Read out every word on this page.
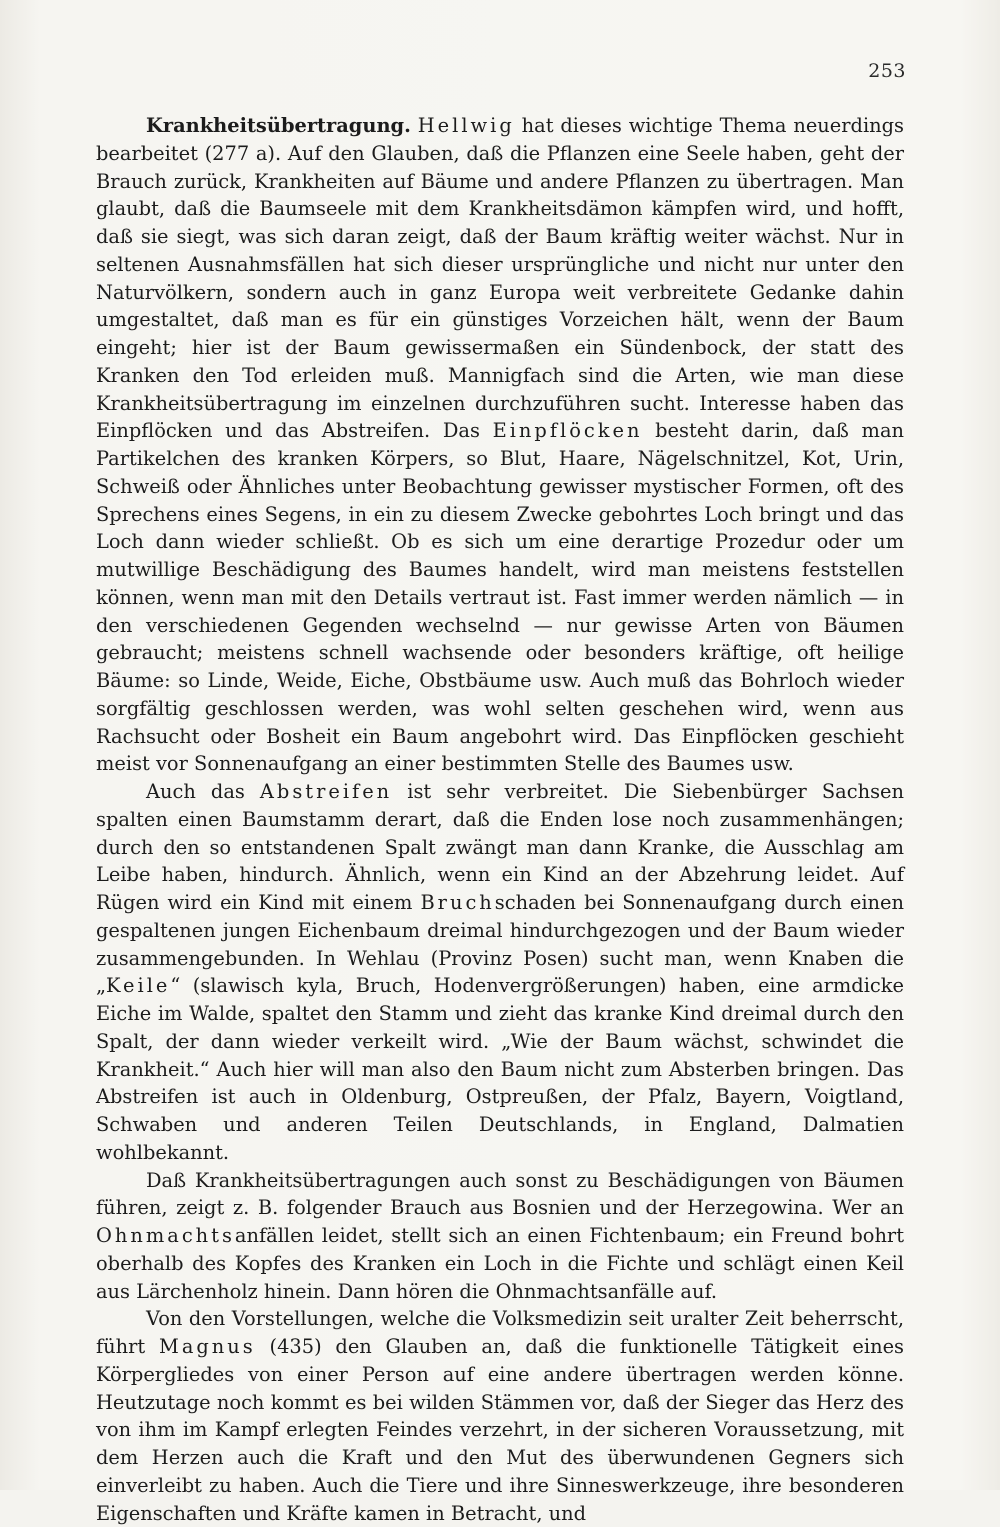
253

Krankheitsübertragung. Hellwig hat dieses wichtige Thema neuerdings bearbeitet (277 a). Auf den Glauben, daß die Pflanzen eine Seele haben, geht der Brauch zurück, Krankheiten auf Bäume und andere Pflanzen zu übertragen. Man glaubt, daß die Baumseele mit dem Krankheitsdämon kämpfen wird, und hofft, daß sie siegt, was sich daran zeigt, daß der Baum kräftig weiter wächst. Nur in seltenen Ausnahmsfällen hat sich dieser ursprüngliche und nicht nur unter den Naturvölkern, sondern auch in ganz Europa weit verbreitete Gedanke dahin umgestaltet, daß man es für ein günstiges Vorzeichen hält, wenn der Baum eingeht; hier ist der Baum gewissermaßen ein Sündenbock, der statt des Kranken den Tod erleiden muß. Mannigfach sind die Arten, wie man diese Krankheitsübertragung im einzelnen durchzuführen sucht. Interesse haben das Einpflöcken und das Abstreifen. Das Einpflöcken besteht darin, daß man Partikelchen des kranken Körpers, so Blut, Haare, Nägelschnitzel, Kot, Urin, Schweiß oder Ähnliches unter Beobachtung gewisser mystischer Formen, oft des Sprechens eines Segens, in ein zu diesem Zwecke gebohrtes Loch bringt und das Loch dann wieder schließt. Ob es sich um eine derartige Prozedur oder um mutwillige Beschädigung des Baumes handelt, wird man meistens feststellen können, wenn man mit den Details vertraut ist. Fast immer werden nämlich — in den verschiedenen Gegenden wechselnd — nur gewisse Arten von Bäumen gebraucht; meistens schnell wachsende oder besonders kräftige, oft heilige Bäume: so Linde, Weide, Eiche, Obstbäume usw. Auch muß das Bohrloch wieder sorgfältig geschlossen werden, was wohl selten geschehen wird, wenn aus Rachsucht oder Bosheit ein Baum angebohrt wird. Das Einpflöcken geschieht meist vor Sonnenaufgang an einer bestimmten Stelle des Baumes usw.

Auch das Abstreifen ist sehr verbreitet. Die Siebenbürger Sachsen spalten einen Baumstamm derart, daß die Enden lose noch zusammenhängen; durch den so entstandenen Spalt zwängt man dann Kranke, die Ausschlag am Leibe haben, hindurch. Ähnlich, wenn ein Kind an der Abzehrung leidet. Auf Rügen wird ein Kind mit einem Bruchschaden bei Sonnenaufgang durch einen gespaltenen jungen Eichenbaum dreimal hindurchgezogen und der Baum wieder zusammengebunden. In Wehlau (Provinz Posen) sucht man, wenn Knaben die „Keile“ (slawisch kyla, Bruch, Hodenvergrößerungen) haben, eine armdicke Eiche im Walde, spaltet den Stamm und zieht das kranke Kind dreimal durch den Spalt, der dann wieder verkeilt wird. „Wie der Baum wächst, schwindet die Krankheit.“ Auch hier will man also den Baum nicht zum Absterben bringen. Das Abstreifen ist auch in Oldenburg, Ostpreußen, der Pfalz, Bayern, Voigtland, Schwaben und anderen Teilen Deutschlands, in England, Dalmatien wohlbekannt.

Daß Krankheitsübertragungen auch sonst zu Beschädigungen von Bäumen führen, zeigt z. B. folgender Brauch aus Bosnien und der Herzegowina. Wer an Ohnmachtsanfällen leidet, stellt sich an einen Fichtenbaum; ein Freund bohrt oberhalb des Kopfes des Kranken ein Loch in die Fichte und schlägt einen Keil aus Lärchenholz hinein. Dann hören die Ohnmachtsanfälle auf.

Von den Vorstellungen, welche die Volksmedizin seit uralter Zeit beherrscht, führt Magnus (435) den Glauben an, daß die funktionelle Tätigkeit eines Körpergliedes von einer Person auf eine andere übertragen werden könne. Heutzutage noch kommt es bei wilden Stämmen vor, daß der Sieger das Herz des von ihm im Kampf erlegten Feindes verzehrt, in der sicheren Voraussetzung, mit dem Herzen auch die Kraft und den Mut des überwundenen Gegners sich einverleibt zu haben. Auch die Tiere und ihre Sinneswerkzeuge, ihre besonderen Eigenschaften und Kräfte kamen in Betracht, und
